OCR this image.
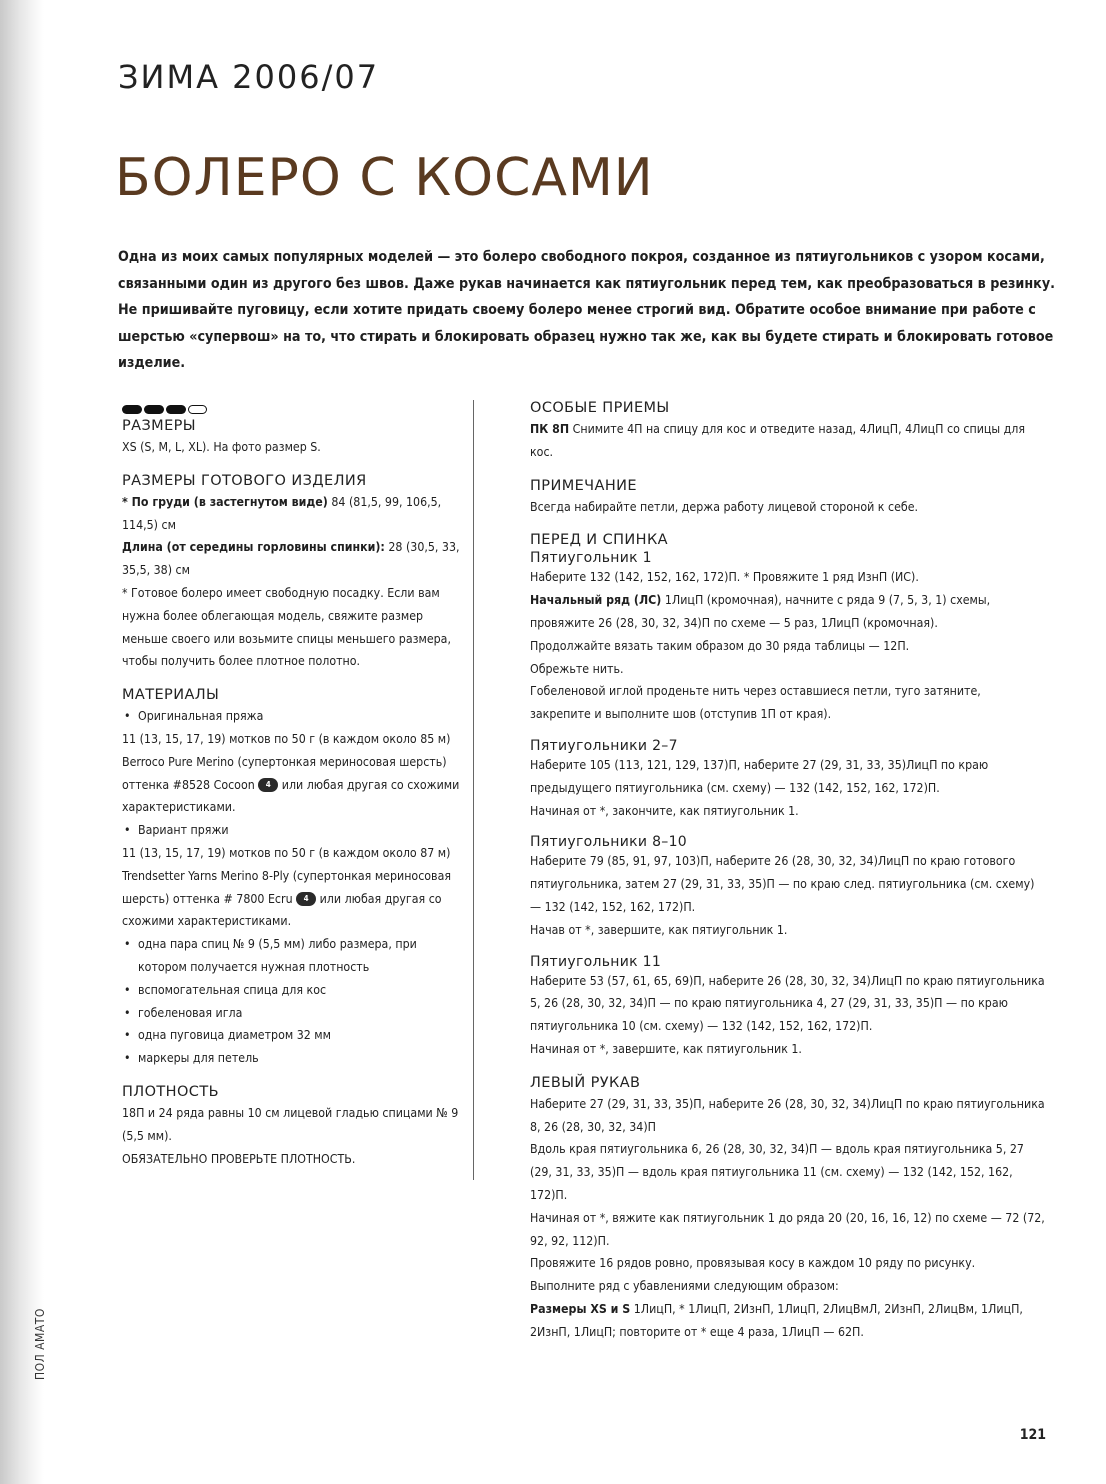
ПОЛ АМАТО
ЗИМА 2006/07
БОЛЕРО С КОСАМИ

Одна из моих самых популярных моделей — это болеро свободного покроя, созданное из пятиугольников с узором косами, связанными один из другого без швов. Даже рукав начинается как пятиугольник перед тем, как преобразоваться в резинку. Не пришивайте пуговицу, если хотите придать своему болеро менее строгий вид. Обратите особое внимание при работе с шерстью «супервош» на то, что стирать и блокировать образец нужно так же, как вы будете стирать и блокировать готовое изделие.

РАЗМЕРЫ

XS (S, M, L, XL). На фото размер S.

РАЗМЕРЫ ГОТОВОГО ИЗДЕЛИЯ

* По груди (в застегнутом виде) 84 (81,5, 99, 106,5, 114,5) см

Длина (от середины горловины спинки): 28 (30,5, 33, 35,5, 38) см

* Готовое болеро имеет свободную посадку. Если вам нужна более облегающая модель, свяжите размер меньше своего или возьмите спицы меньшего размера, чтобы получить более плотное полотно.

МАТЕРИАЛЫ
• Оригинальная пряжа

11 (13, 15, 17, 19) мотков по 50 г (в каждом около 85 м) Berroco Pure Merino (супертонкая мериносовая шерсть) оттенка #8528 Cocoon 4 или любая другая со схожими характеристиками.

• Вариант пряжи

11 (13, 15, 17, 19) мотков по 50 г (в каждом около 87 м) Trendsetter Yarns Merino 8-Ply (супертонкая мериносовая шерсть) оттенка # 7800 Ecru 4 или любая другая со схожими характеристиками.

• одна пара спиц № 9 (5,5 мм) либо размера, при котором получается нужная плотность
• вспомогательная спица для кос
• гобеленовая игла
• одна пуговица диаметром 32 мм
• маркеры для петель
ПЛОТНОСТЬ

18П и 24 ряда равны 10 см лицевой гладью спицами № 9 (5,5 мм).

ОБЯЗАТЕЛЬНО ПРОВЕРЬТЕ ПЛОТНОСТЬ.

ОСОБЫЕ ПРИЕМЫ

ПК 8П Снимите 4П на спицу для кос и отведите назад, 4ЛицП, 4ЛицП со спицы для кос.

ПРИМЕЧАНИЕ

Всегда набирайте петли, держа работу лицевой стороной к себе.

ПЕРЕД И СПИНКА
Пятиугольник 1

Наберите 132 (142, 152, 162, 172)П. * Провяжите 1 ряд ИзнП (ИС).

Начальный ряд (ЛС) 1ЛицП (кромочная), начните с ряда 9 (7, 5, 3, 1) схемы, провяжите 26 (28, 30, 32, 34)П по схеме — 5 раз, 1ЛицП (кромочная).

Продолжайте вязать таким образом до 30 ряда таблицы — 12П.

Обрежьте нить.

Гобеленовой иглой проденьте нить через оставшиеся петли, туго затяните, закрепите и выполните шов (отступив 1П от края).

Пятиугольники 2–7

Наберите 105 (113, 121, 129, 137)П, наберите 27 (29, 31, 33, 35)ЛицП по краю предыдущего пятиугольника (см. схему) — 132 (142, 152, 162, 172)П.

Начиная от *, закончите, как пятиугольник 1.

Пятиугольники 8–10

Наберите 79 (85, 91, 97, 103)П, наберите 26 (28, 30, 32, 34)ЛицП по краю готового пятиугольника, затем 27 (29, 31, 33, 35)П — по краю след. пятиугольника (см. схему) — 132 (142, 152, 162, 172)П.

Начав от *, завершите, как пятиугольник 1.

Пятиугольник 11

Наберите 53 (57, 61, 65, 69)П, наберите 26 (28, 30, 32, 34)ЛицП по краю пятиугольника 5, 26 (28, 30, 32, 34)П — по краю пятиугольника 4, 27 (29, 31, 33, 35)П — по краю пятиугольника 10 (см. схему) — 132 (142, 152, 162, 172)П.

Начиная от *, завершите, как пятиугольник 1.

ЛЕВЫЙ РУКАВ

Наберите 27 (29, 31, 33, 35)П, наберите 26 (28, 30, 32, 34)ЛицП по краю пятиугольника 8, 26 (28, 30, 32, 34)П

Вдоль края пятиугольника 6, 26 (28, 30, 32, 34)П — вдоль края пятиугольника 5, 27 (29, 31, 33, 35)П — вдоль края пятиугольника 11 (см. схему) — 132 (142, 152, 162, 172)П.

Начиная от *, вяжите как пятиугольник 1 до ряда 20 (20, 16, 16, 12) по схеме — 72 (72, 92, 92, 112)П.

Провяжите 16 рядов ровно, провязывая косу в каждом 10 ряду по рисунку.

Выполните ряд с убавлениями следующим образом:

Размеры XS и S 1ЛицП, * 1ЛицП, 2ИзнП, 1ЛицП, 2ЛицВмЛ, 2ИзнП, 2ЛицВм, 1ЛицП, 2ИзнП, 1ЛицП; повторите от * еще 4 раза, 1ЛицП — 62П.

121
